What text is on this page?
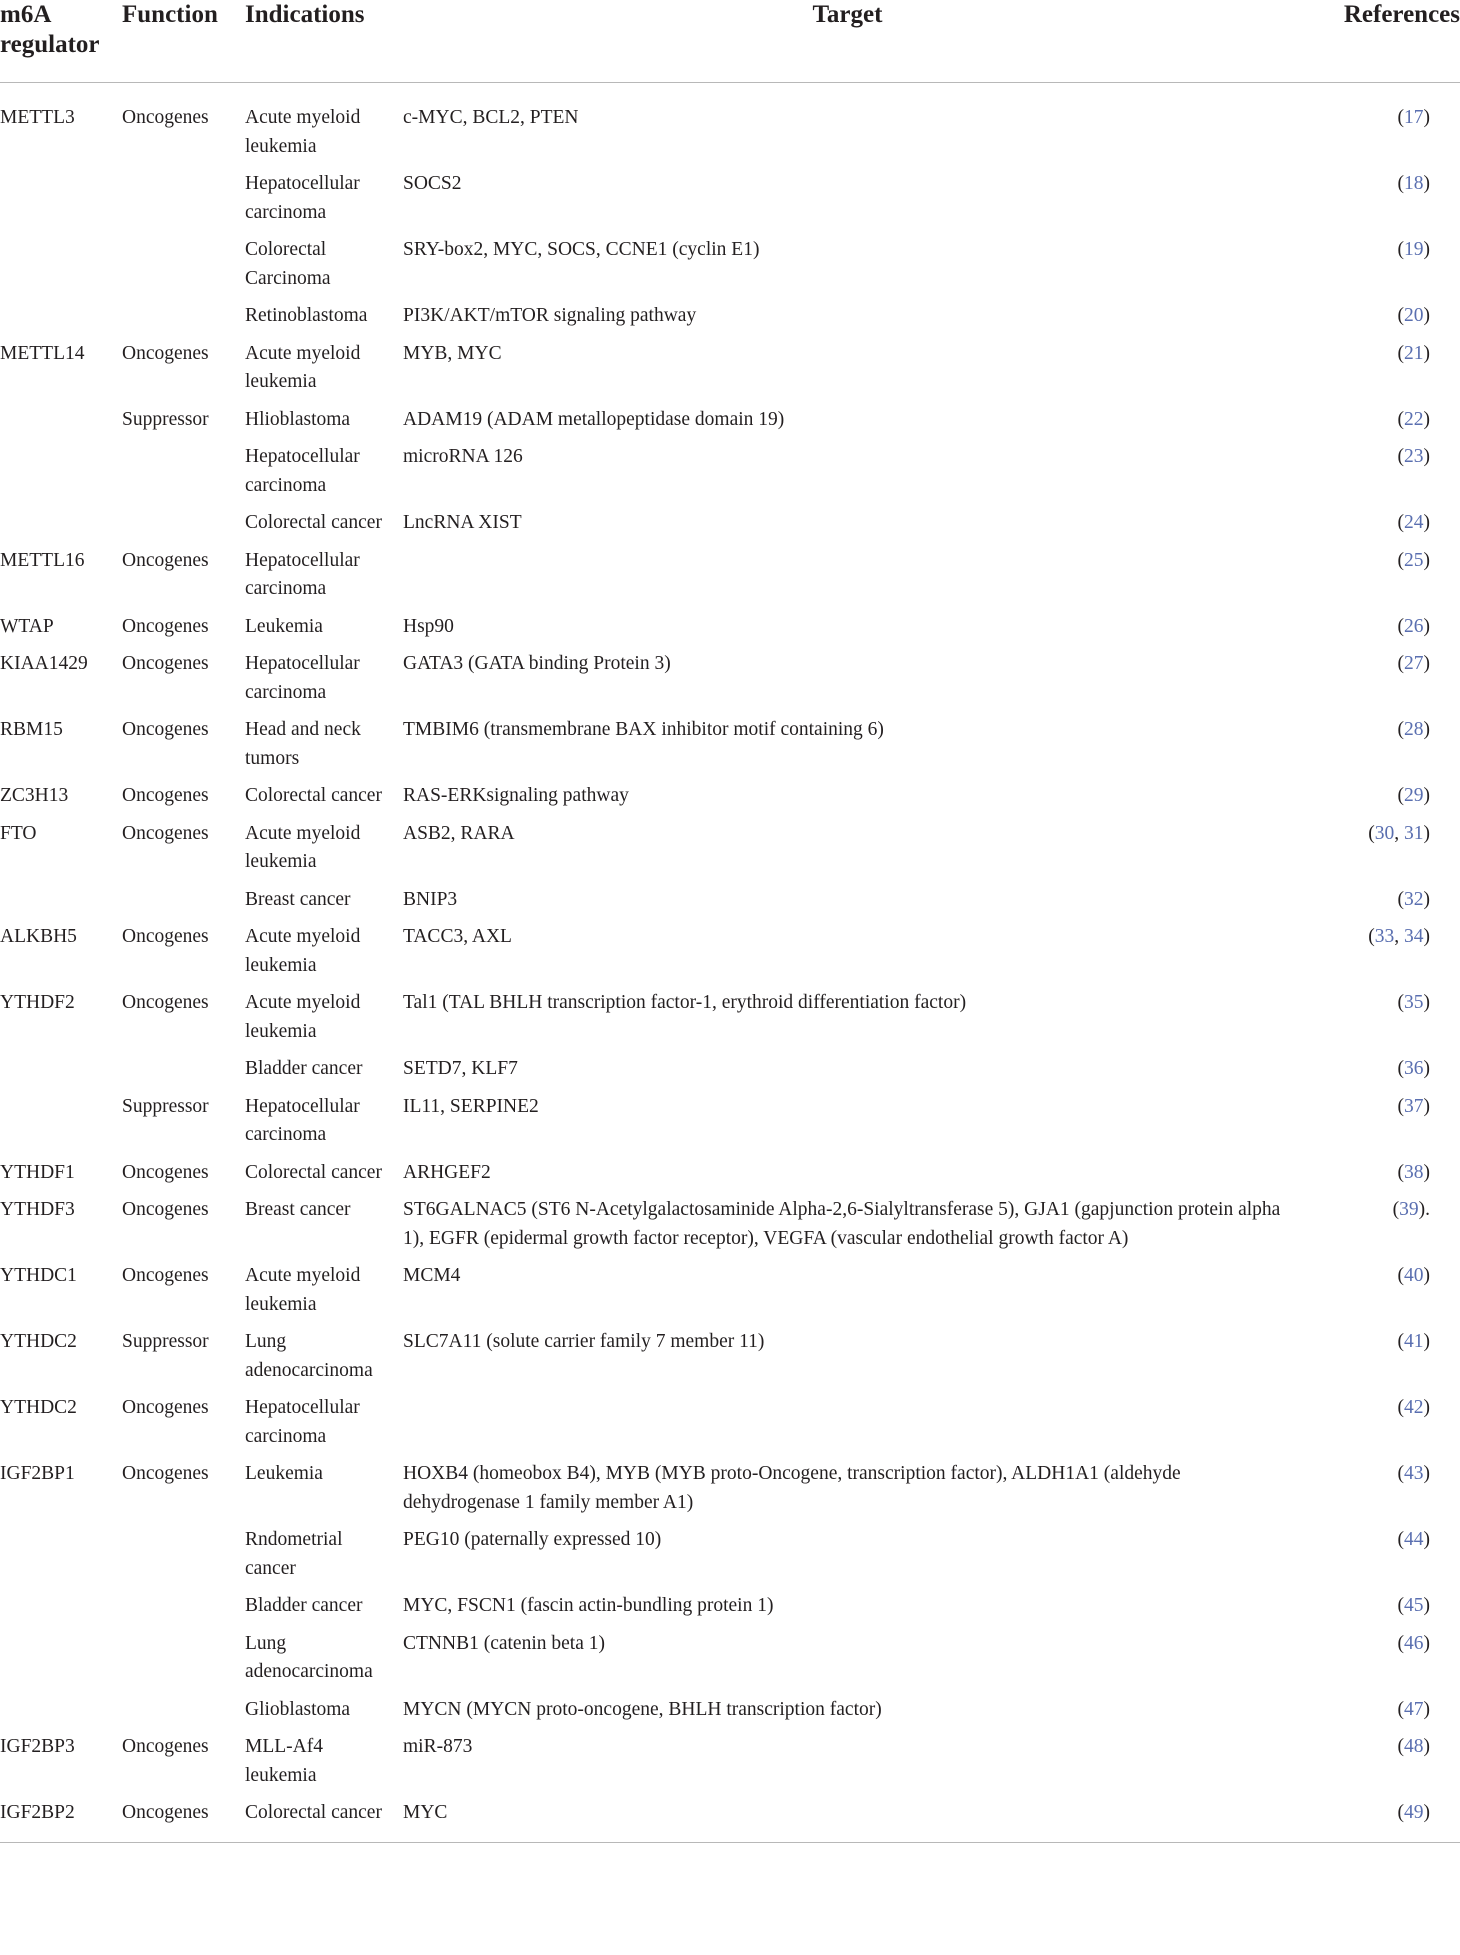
m6A regulator	Function	Indications	Target	References
METTL3	Oncogenes	Acute myeloid leukemia	c-MYC, BCL2, PTEN	(17)
		Hepatocellular carcinoma	SOCS2	(18)
		Colorectal Carcinoma	SRY-box2, MYC, SOCS, CCNE1 (cyclin E1)	(19)
		Retinoblastoma	PI3K/AKT/mTOR signaling pathway	(20)
METTL14	Oncogenes	Acute myeloid leukemia	MYB, MYC	(21)
	Suppressor	Hlioblastoma	ADAM19 (ADAM metallopeptidase domain 19)	(22)
		Hepatocellular carcinoma	microRNA 126	(23)
		Colorectal cancer	LncRNA XIST	(24)
METTL16	Oncogenes	Hepatocellular carcinoma		(25)
WTAP	Oncogenes	Leukemia	Hsp90	(26)
KIAA1429	Oncogenes	Hepatocellular carcinoma	GATA3 (GATA binding Protein 3)	(27)
RBM15	Oncogenes	Head and neck tumors	TMBIM6 (transmembrane BAX inhibitor motif containing 6)	(28)
ZC3H13	Oncogenes	Colorectal cancer	RAS-ERKsignaling pathway	(29)
FTO	Oncogenes	Acute myeloid leukemia	ASB2, RARA	(30, 31)
		Breast cancer	BNIP3	(32)
ALKBH5	Oncogenes	Acute myeloid leukemia	TACC3, AXL	(33, 34)
YTHDF2	Oncogenes	Acute myeloid leukemia	Tal1 (TAL BHLH transcription factor-1, erythroid differentiation factor)	(35)
		Bladder cancer	SETD7, KLF7	(36)
	Suppressor	Hepatocellular carcinoma	IL11, SERPINE2	(37)
YTHDF1	Oncogenes	Colorectal cancer	ARHGEF2	(38)
YTHDF3	Oncogenes	Breast cancer	ST6GALNAC5 (ST6 N-Acetylgalactosaminide Alpha-2,6-Sialyltransferase 5), GJA1 (gapjunction protein alpha 1), EGFR (epidermal growth factor receptor), VEGFA (vascular endothelial growth factor A)	(39).
YTHDC1	Oncogenes	Acute myeloid leukemia	MCM4	(40)
YTHDC2	Suppressor	Lung adenocarcinoma	SLC7A11 (solute carrier family 7 member 11)	(41)
YTHDC2	Oncogenes	Hepatocellular carcinoma		(42)
IGF2BP1	Oncogenes	Leukemia	HOXB4 (homeobox B4), MYB (MYB proto-Oncogene, transcription factor), ALDH1A1 (aldehyde dehydrogenase 1 family member A1)	(43)
		Rndometrial cancer	PEG10 (paternally expressed 10)	(44)
		Bladder cancer	MYC, FSCN1 (fascin actin-bundling protein 1)	(45)
		Lung adenocarcinoma	CTNNB1 (catenin beta 1)	(46)
		Glioblastoma	MYCN (MYCN proto-oncogene, BHLH transcription factor)	(47)
IGF2BP3	Oncogenes	MLL-Af4 leukemia	miR-873	(48)
IGF2BP2	Oncogenes	Colorectal cancer	MYC	(49)
